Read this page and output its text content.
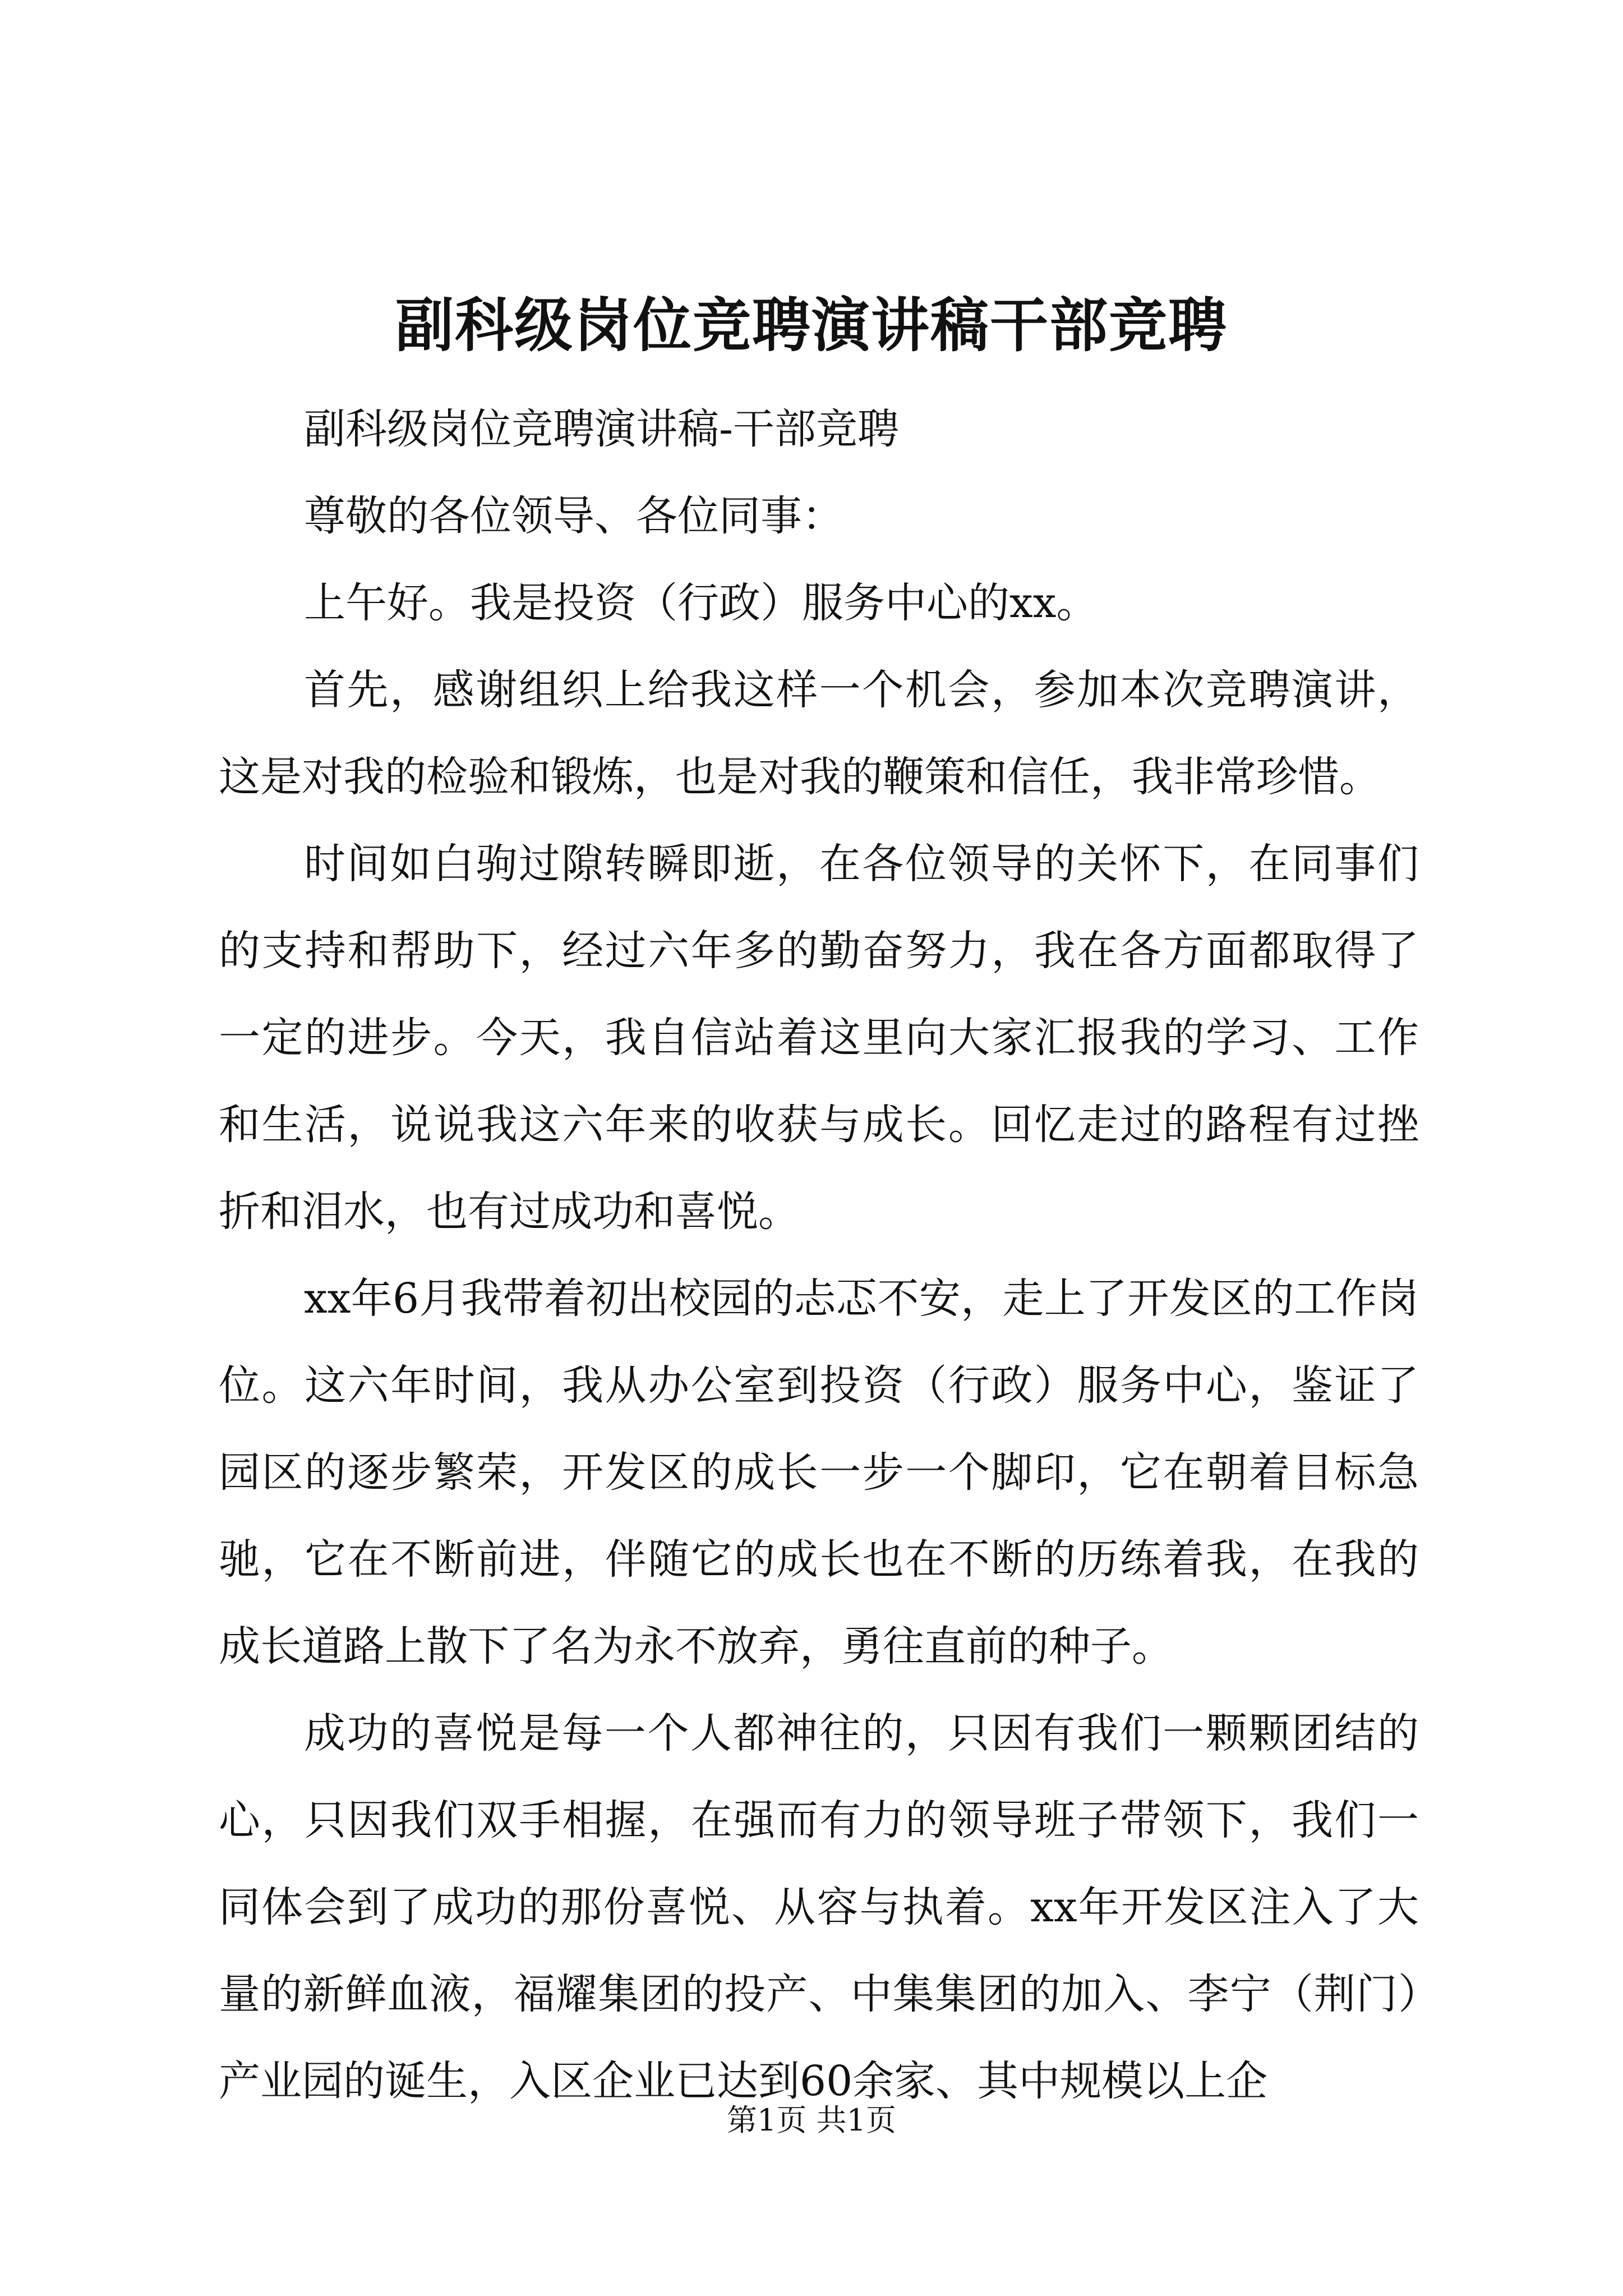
副科级岗位竞聘演讲稿干部竞聘

副科级岗位竞聘演讲稿-干部竞聘

尊敬的各位领导、各位同事：

上午好。我是投资（行政）服务中心的xx。

首先，感谢组织上给我这样一个机会，参加本次竞聘演讲，这是对我的检验和锻炼，也是对我的鞭策和信任，我非常珍惜。

时间如白驹过隙转瞬即逝，在各位领导的关怀下，在同事们的支持和帮助下，经过六年多的勤奋努力，我在各方面都取得了一定的进步。今天，我自信站着这里向大家汇报我的学习、工作和生活，说说我这六年来的收获与成长。回忆走过的路程有过挫折和泪水，也有过成功和喜悦。

xx年6月我带着初出校园的忐忑不安，走上了开发区的工作岗位。这六年时间，我从办公室到投资（行政）服务中心，鉴证了园区的逐步繁荣，开发区的成长一步一个脚印，它在朝着目标急驰，它在不断前进，伴随它的成长也在不断的历练着我，在我的成长道路上散下了名为永不放弃，勇往直前的种子。

成功的喜悦是每一个人都神往的，只因有我们一颗颗团结的心，只因我们双手相握，在强而有力的领导班子带领下，我们一同体会到了成功的那份喜悦、从容与执着。xx年开发区注入了大量的新鲜血液，福耀集团的投产、中集集团的加入、李宁（荆门）产业园的诞生，入区企业已达到60余家、其中规模以上企

第1页 共1页
